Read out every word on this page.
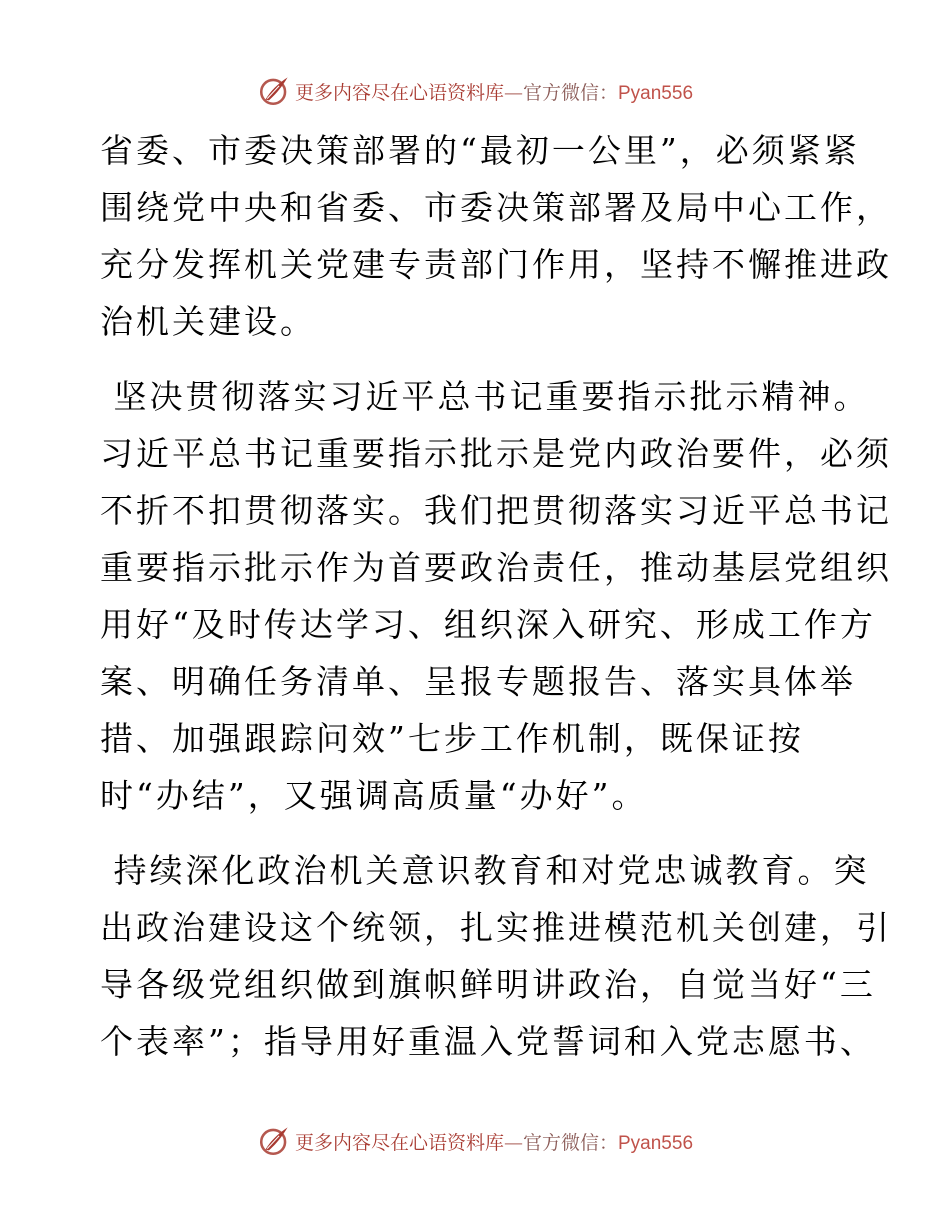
更多内容尽在心语资料库—官方微信：Pyan556
省委、市委决策部署的“最初一公里”，必须紧紧
围绕党中央和省委、市委决策部署及局中心工作，
充分发挥机关党建专责部门作用，坚持不懈推进政
治机关建设。
坚决贯彻落实习近平总书记重要指示批示精神。
习近平总书记重要指示批示是党内政治要件，必须
不折不扣贯彻落实。我们把贯彻落实习近平总书记
重要指示批示作为首要政治责任，推动基层党组织
用好“及时传达学习、组织深入研究、形成工作方
案、明确任务清单、呈报专题报告、落实具体举
措、加强跟踪问效”七步工作机制，既保证按
时“办结”，又强调高质量“办好”。
持续深化政治机关意识教育和对党忠诚教育。突
出政治建设这个统领，扎实推进模范机关创建，引
导各级党组织做到旗帜鲜明讲政治，自觉当好“三
个表率”；指导用好重温入党誓词和入党志愿书、
更多内容尽在心语资料库—官方微信：Pyan556
